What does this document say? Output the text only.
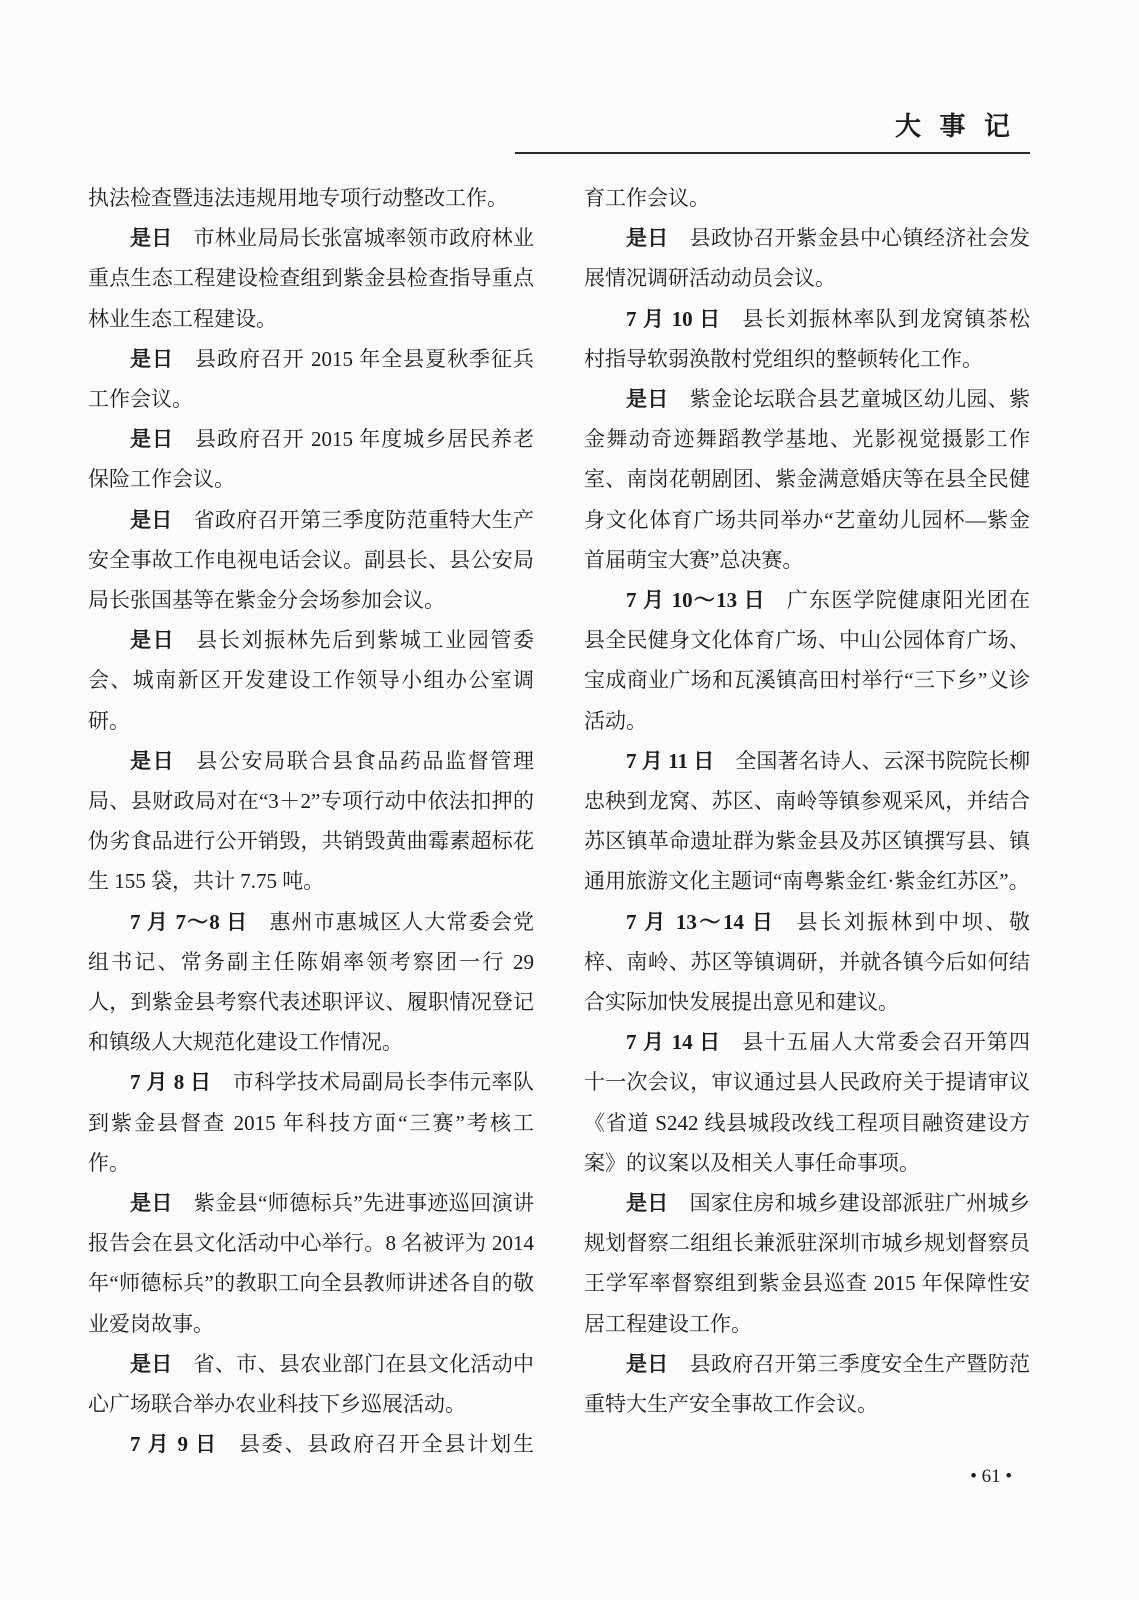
大 事 记

执法检查暨违法违规用地专项行动整改工作。

是日 市林业局局长张富城率领市政府林业重点生态工程建设检查组到紫金县检查指导重点林业生态工程建设。

是日 县政府召开 2015 年全县夏秋季征兵工作会议。

是日 县政府召开 2015 年度城乡居民养老保险工作会议。

是日 省政府召开第三季度防范重特大生产安全事故工作电视电话会议。副县长、县公安局局长张国基等在紫金分会场参加会议。

是日 县长刘振林先后到紫城工业园管委会、城南新区开发建设工作领导小组办公室调研。

是日 县公安局联合县食品药品监督管理局、县财政局对在“3＋2”专项行动中依法扣押的伪劣食品进行公开销毁，共销毁黄曲霉素超标花生 155 袋，共计 7.75 吨。

7 月 7～8 日 惠州市惠城区人大常委会党组书记、常务副主任陈娟率领考察团一行 29 人，到紫金县考察代表述职评议、履职情况登记和镇级人大规范化建设工作情况。

7 月 8 日 市科学技术局副局长李伟元率队到紫金县督查 2015 年科技方面“三赛”考核工作。

是日 紫金县“师德标兵”先进事迹巡回演讲报告会在县文化活动中心举行。8 名被评为 2014 年“师德标兵”的教职工向全县教师讲述各自的敬业爱岗故事。

是日 省、市、县农业部门在县文化活动中心广场联合举办农业科技下乡巡展活动。

7 月 9 日 县委、县政府召开全县计划生

育工作会议。

是日 县政协召开紫金县中心镇经济社会发展情况调研活动动员会议。

7 月 10 日 县长刘振林率队到龙窝镇茶松村指导软弱涣散村党组织的整顿转化工作。

是日 紫金论坛联合县艺童城区幼儿园、紫金舞动奇迹舞蹈教学基地、光影视觉摄影工作室、南岗花朝剧团、紫金满意婚庆等在县全民健身文化体育广场共同举办“艺童幼儿园杯—紫金首届萌宝大赛”总决赛。

7 月 10～13 日 广东医学院健康阳光团在县全民健身文化体育广场、中山公园体育广场、宝成商业广场和瓦溪镇高田村举行“三下乡”义诊活动。

7 月 11 日 全国著名诗人、云深书院院长柳忠秧到龙窝、苏区、南岭等镇参观采风，并结合苏区镇革命遗址群为紫金县及苏区镇撰写县、镇通用旅游文化主题词“南粤紫金红·紫金红苏区”。

7 月 13～14 日 县长刘振林到中坝、敬梓、南岭、苏区等镇调研，并就各镇今后如何结合实际加快发展提出意见和建议。

7 月 14 日 县十五届人大常委会召开第四十一次会议，审议通过县人民政府关于提请审议《省道 S242 线县城段改线工程项目融资建设方案》的议案以及相关人事任命事项。

是日 国家住房和城乡建设部派驻广州城乡规划督察二组组长兼派驻深圳市城乡规划督察员王学军率督察组到紫金县巡查 2015 年保障性安居工程建设工作。

是日 县政府召开第三季度安全生产暨防范重特大生产安全事故工作会议。

• 61 •
